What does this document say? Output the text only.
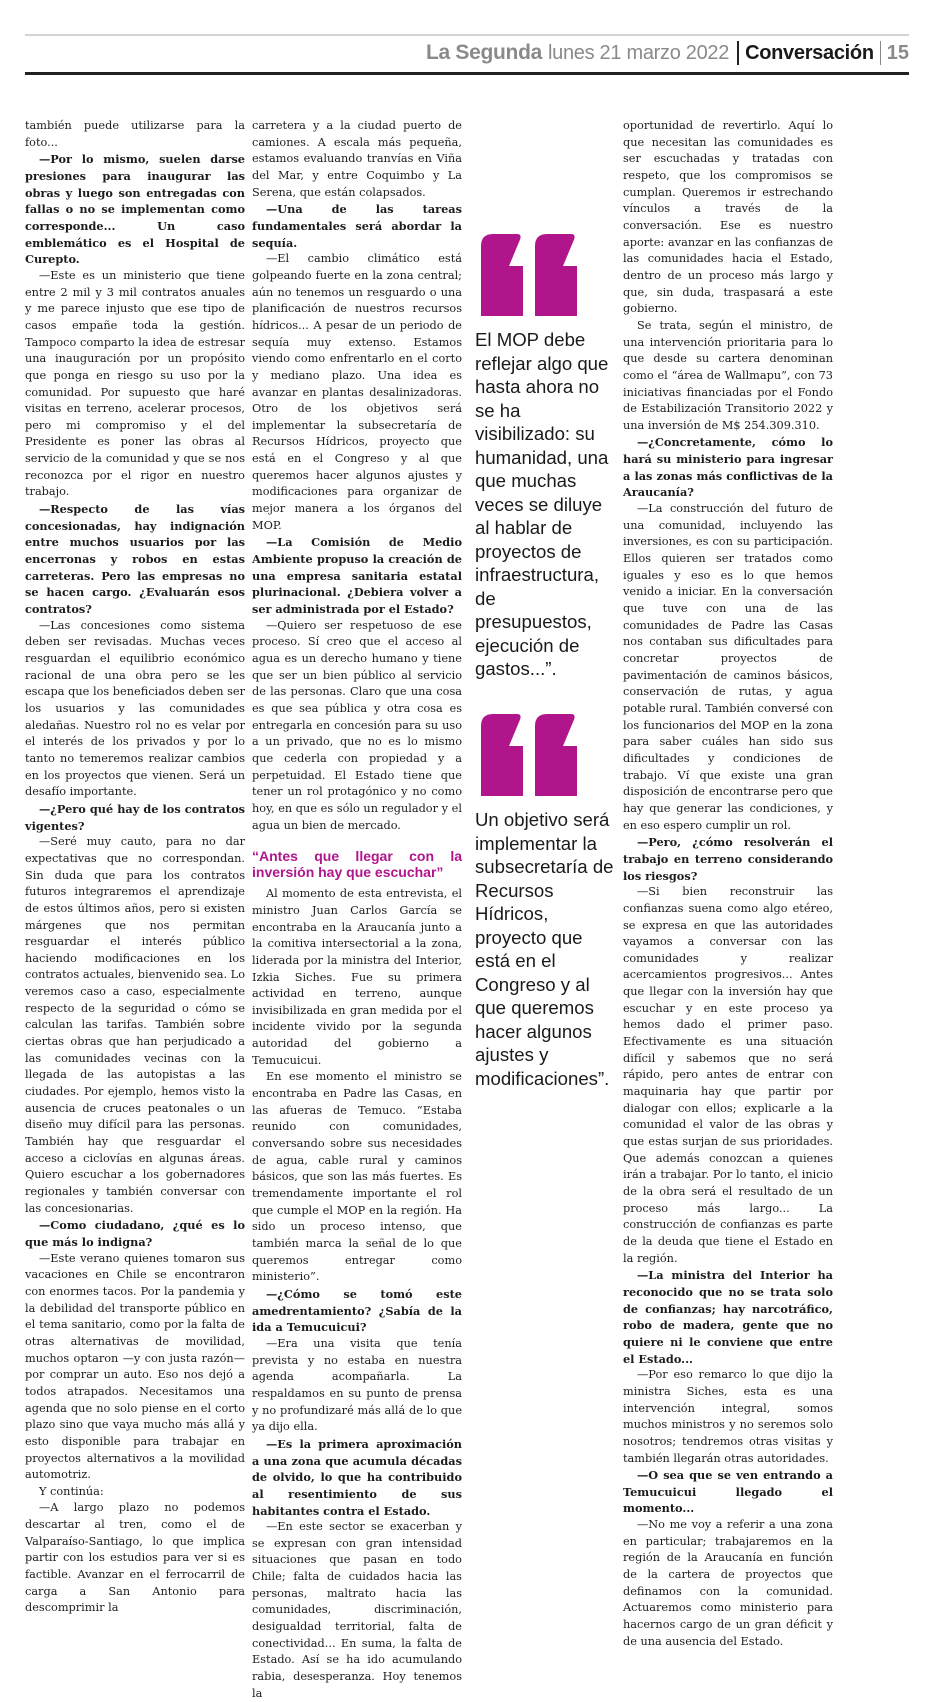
La Segunda lunes 21 marzo 2022 Conversación 15

también puede utilizarse para la foto...

—Por lo mismo, suelen darse presiones para inaugurar las obras y luego son entregadas con fallas o no se implementan como corresponde... Un caso emblemático es el Hospital de Curepto.

—Este es un ministerio que tiene entre 2 mil y 3 mil contratos anuales y me parece injusto que ese tipo de casos empañe toda la gestión. Tampoco comparto la idea de estresar una inauguración por un propósito que ponga en riesgo su uso por la comunidad. Por supuesto que haré visitas en terreno, acelerar procesos, pero mi compromiso y el del Presidente es poner las obras al servicio de la comunidad y que se nos reconozca por el rigor en nuestro trabajo.

—Respecto de las vías concesionadas, hay indignación entre muchos usuarios por las encerronas y robos en estas carreteras. Pero las empresas no se hacen cargo. ¿Evaluarán esos contratos?

—Las concesiones como sistema deben ser revisadas. Muchas veces resguardan el equilibrio económico racional de una obra pero se les escapa que los beneficiados deben ser los usuarios y las comunidades aledañas. Nuestro rol no es velar por el interés de los privados y por lo tanto no temeremos realizar cambios en los proyectos que vienen. Será un desafío importante.

—¿Pero qué hay de los contratos vigentes?

—Seré muy cauto, para no dar expectativas que no correspondan. Sin duda que para los contratos futuros integraremos el aprendizaje de estos últimos años, pero si existen márgenes que nos permitan resguardar el interés público haciendo modificaciones en los contratos actuales, bienvenido sea. Lo veremos caso a caso, especialmente respecto de la seguridad o cómo se calculan las tarifas. También sobre ciertas obras que han perjudicado a las comunidades vecinas con la llegada de las autopistas a las ciudades. Por ejemplo, hemos visto la ausencia de cruces peatonales o un diseño muy difícil para las personas. También hay que resguardar el acceso a ciclovías en algunas áreas. Quiero escuchar a los gobernadores regionales y también conversar con las concesionarias.

—Como ciudadano, ¿qué es lo que más lo indigna?

—Este verano quienes tomaron sus vacaciones en Chile se encontraron con enormes tacos. Por la pandemia y la debilidad del transporte público en el tema sanitario, como por la falta de otras alternativas de movilidad, muchos optaron —y con justa razón— por comprar un auto. Eso nos dejó a todos atrapados. Necesitamos una agenda que no solo piense en el corto plazo sino que vaya mucho más allá y esto disponible para trabajar en proyectos alternativos a la movilidad automotriz.

Y continúa:

—A largo plazo no podemos descartar al tren, como el de Valparaíso-Santiago, lo que implica partir con los estudios para ver si es factible. Avanzar en el ferrocarril de carga a San Antonio para descomprimir la

carretera y a la ciudad puerto de camiones. A escala más pequeña, estamos evaluando tranvías en Viña del Mar, y entre Coquimbo y La Serena, que están colapsados.

—Una de las tareas fundamentales será abordar la sequía.

—El cambio climático está golpeando fuerte en la zona central; aún no tenemos un resguardo o una planificación de nuestros recursos hídricos... A pesar de un periodo de sequía muy extenso. Estamos viendo como enfrentarlo en el corto y mediano plazo. Una idea es avanzar en plantas desalinizadoras. Otro de los objetivos será implementar la subsecretaría de Recursos Hídricos, proyecto que está en el Congreso y al que queremos hacer algunos ajustes y modificaciones para organizar de mejor manera a los órganos del MOP.

—La Comisión de Medio Ambiente propuso la creación de una empresa sanitaria estatal plurinacional. ¿Debiera volver a ser administrada por el Estado?

—Quiero ser respetuoso de ese proceso. Sí creo que el acceso al agua es un derecho humano y tiene que ser un bien público al servicio de las personas. Claro que una cosa es que sea pública y otra cosa es entregarla en concesión para su uso a un privado, que no es lo mismo que cederla con propiedad y a perpetuidad. El Estado tiene que tener un rol protagónico y no como hoy, en que es sólo un regulador y el agua un bien de mercado.

“Antes que llegar con la inversión hay que escuchar”

Al momento de esta entrevista, el ministro Juan Carlos García se encontraba en la Araucanía junto a la comitiva intersectorial a la zona, liderada por la ministra del Interior, Izkia Siches. Fue su primera actividad en terreno, aunque invisibilizada en gran medida por el incidente vivido por la segunda autoridad del gobierno a Temucuicui.

En ese momento el ministro se encontraba en Padre las Casas, en las afueras de Temuco. “Estaba reunido con comunidades, conversando sobre sus necesidades de agua, cable rural y caminos básicos, que son las más fuertes. Es tremendamente importante el rol que cumple el MOP en la región. Ha sido un proceso intenso, que también marca la señal de lo que queremos entregar como ministerio”.

—¿Cómo se tomó este amedrentamiento? ¿Sabía de la ida a Temucuicui?

—Era una visita que tenía prevista y no estaba en nuestra agenda acompañarla. La respaldamos en su punto de prensa y no profundizaré más allá de lo que ya dijo ella.

—Es la primera aproximación a una zona que acumula décadas de olvido, lo que ha contribuido al resentimiento de sus habitantes contra el Estado.

—En este sector se exacerban y se expresan con gran intensidad situaciones que pasan en todo Chile; falta de cuidados hacia las personas, maltrato hacia las comunidades, discriminación, desigualdad territorial, falta de conectividad... En suma, la falta de Estado. Así se ha ido acumulando rabia, desesperanza. Hoy tenemos la

El MOP debe reflejar algo que hasta ahora no se ha visibilizado: su humanidad, una que muchas veces se diluye al hablar de proyectos de infraestructura, de presupuestos, ejecución de gastos...”.
Un objetivo será implementar la subsecretaría de Recursos Hídricos, proyecto que está en el Congreso y al que queremos hacer algunos ajustes y modificaciones”.

oportunidad de revertirlo. Aquí lo que necesitan las comunidades es ser escuchadas y tratadas con respeto, que los compromisos se cumplan. Queremos ir estrechando vínculos a través de la conversación. Ese es nuestro aporte: avanzar en las confianzas de las comunidades hacia el Estado, dentro de un proceso más largo y que, sin duda, traspasará a este gobierno.

Se trata, según el ministro, de una intervención prioritaria para lo que desde su cartera denominan como el “área de Wallmapu”, con 73 iniciativas financiadas por el Fondo de Estabilización Transitorio 2022 y una inversión de M$ 254.309.310.

—¿Concretamente, cómo lo hará su ministerio para ingresar a las zonas más conflictivas de la Araucanía?

—La construcción del futuro de una comunidad, incluyendo las inversiones, es con su participación. Ellos quieren ser tratados como iguales y eso es lo que hemos venido a iniciar. En la conversación que tuve con una de las comunidades de Padre las Casas nos contaban sus dificultades para concretar proyectos de pavimentación de caminos básicos, conservación de rutas, y agua potable rural. También conversé con los funcionarios del MOP en la zona para saber cuáles han sido sus dificultades y condiciones de trabajo. Ví que existe una gran disposición de encontrarse pero que hay que generar las condiciones, y en eso espero cumplir un rol.

—Pero, ¿cómo resolverán el trabajo en terreno considerando los riesgos?

—Si bien reconstruir las confianzas suena como algo etéreo, se expresa en que las autoridades vayamos a conversar con las comunidades y realizar acercamientos progresivos... Antes que llegar con la inversión hay que escuchar y en este proceso ya hemos dado el primer paso. Efectivamente es una situación difícil y sabemos que no será rápido, pero antes de entrar con maquinaria hay que partir por dialogar con ellos; explicarle a la comunidad el valor de las obras y que estas surjan de sus prioridades. Que además conozcan a quienes irán a trabajar. Por lo tanto, el inicio de la obra será el resultado de un proceso más largo... La construcción de confianzas es parte de la deuda que tiene el Estado en la región.

—La ministra del Interior ha reconocido que no se trata solo de confianzas; hay narcotráfico, robo de madera, gente que no quiere ni le conviene que entre el Estado...

—Por eso remarco lo que dijo la ministra Siches, esta es una intervención integral, somos muchos ministros y no seremos solo nosotros; tendremos otras visitas y también llegarán otras autoridades.

—O sea que se ven entrando a Temucuicui llegado el momento...

—No me voy a referir a una zona en particular; trabajaremos en la región de la Araucanía en función de la cartera de proyectos que definamos con la comunidad. Actuaremos como ministerio para hacernos cargo de un gran déficit y de una ausencia del Estado.
